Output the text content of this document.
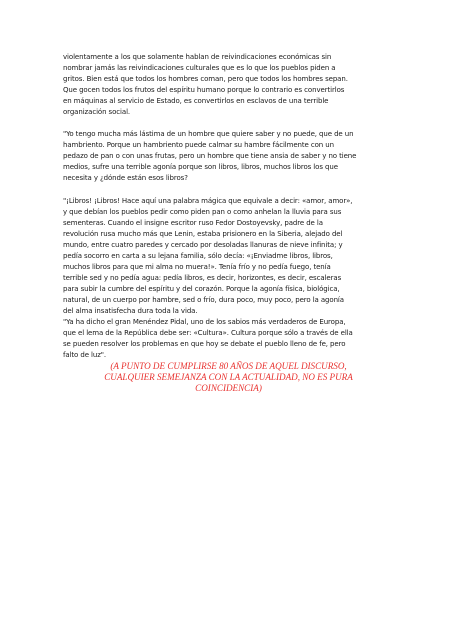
violentamente a los que solamente hablan de reivindicaciones económicas sin
nombrar jamás las reivindicaciones culturales que es lo que los pueblos piden a
gritos. Bien está que todos los hombres coman, pero que todos los hombres sepan.
Que gocen todos los frutos del espíritu humano porque lo contrario es convertirlos
en máquinas al servicio de Estado, es convertirlos en esclavos de una terrible
organización social.
"Yo tengo mucha más lástima de un hombre que quiere saber y no puede, que de un
hambriento. Porque un hambriento puede calmar su hambre fácilmente con un
pedazo de pan o con unas frutas, pero un hombre que tiene ansia de saber y no tiene
medios, sufre una terrible agonía porque son libros, libros, muchos libros los que
necesita y ¿dónde están esos libros?
"¡Libros! ¡Libros! Hace aquí una palabra mágica que equivale a decir: «amor, amor»,
y que debían los pueblos pedir como piden pan o como anhelan la lluvia para sus
sementeras. Cuando el insigne escritor ruso Fedor Dostoyevsky, padre de la
revolución rusa mucho más que Lenin, estaba prisionero en la Siberia, alejado del
mundo, entre cuatro paredes y cercado por desoladas llanuras de nieve infinita; y
pedía socorro en carta a su lejana familia, sólo decía: «¡Enviadme libros, libros,
muchos libros para que mi alma no muera!». Tenía frío y no pedía fuego, tenía
terrible sed y no pedía agua: pedía libros, es decir, horizontes, es decir, escaleras
para subir la cumbre del espíritu y del corazón. Porque la agonía física, biológica,
natural, de un cuerpo por hambre, sed o frío, dura poco, muy poco, pero la agonía
del alma insatisfecha dura toda la vida.
"Ya ha dicho el gran Menéndez Pidal, uno de los sabios más verdaderos de Europa,
que el lema de la República debe ser: «Cultura». Cultura porque sólo a través de ella
se pueden resolver los problemas en que hoy se debate el pueblo lleno de fe, pero
falto de luz".
(A PUNTO DE CUMPLIRSE 80 AÑOS DE AQUEL DISCURSO,
CUALQUIER SEMEJANZA CON LA ACTUALIDAD, NO ES PURA
COINCIDENCIA)
